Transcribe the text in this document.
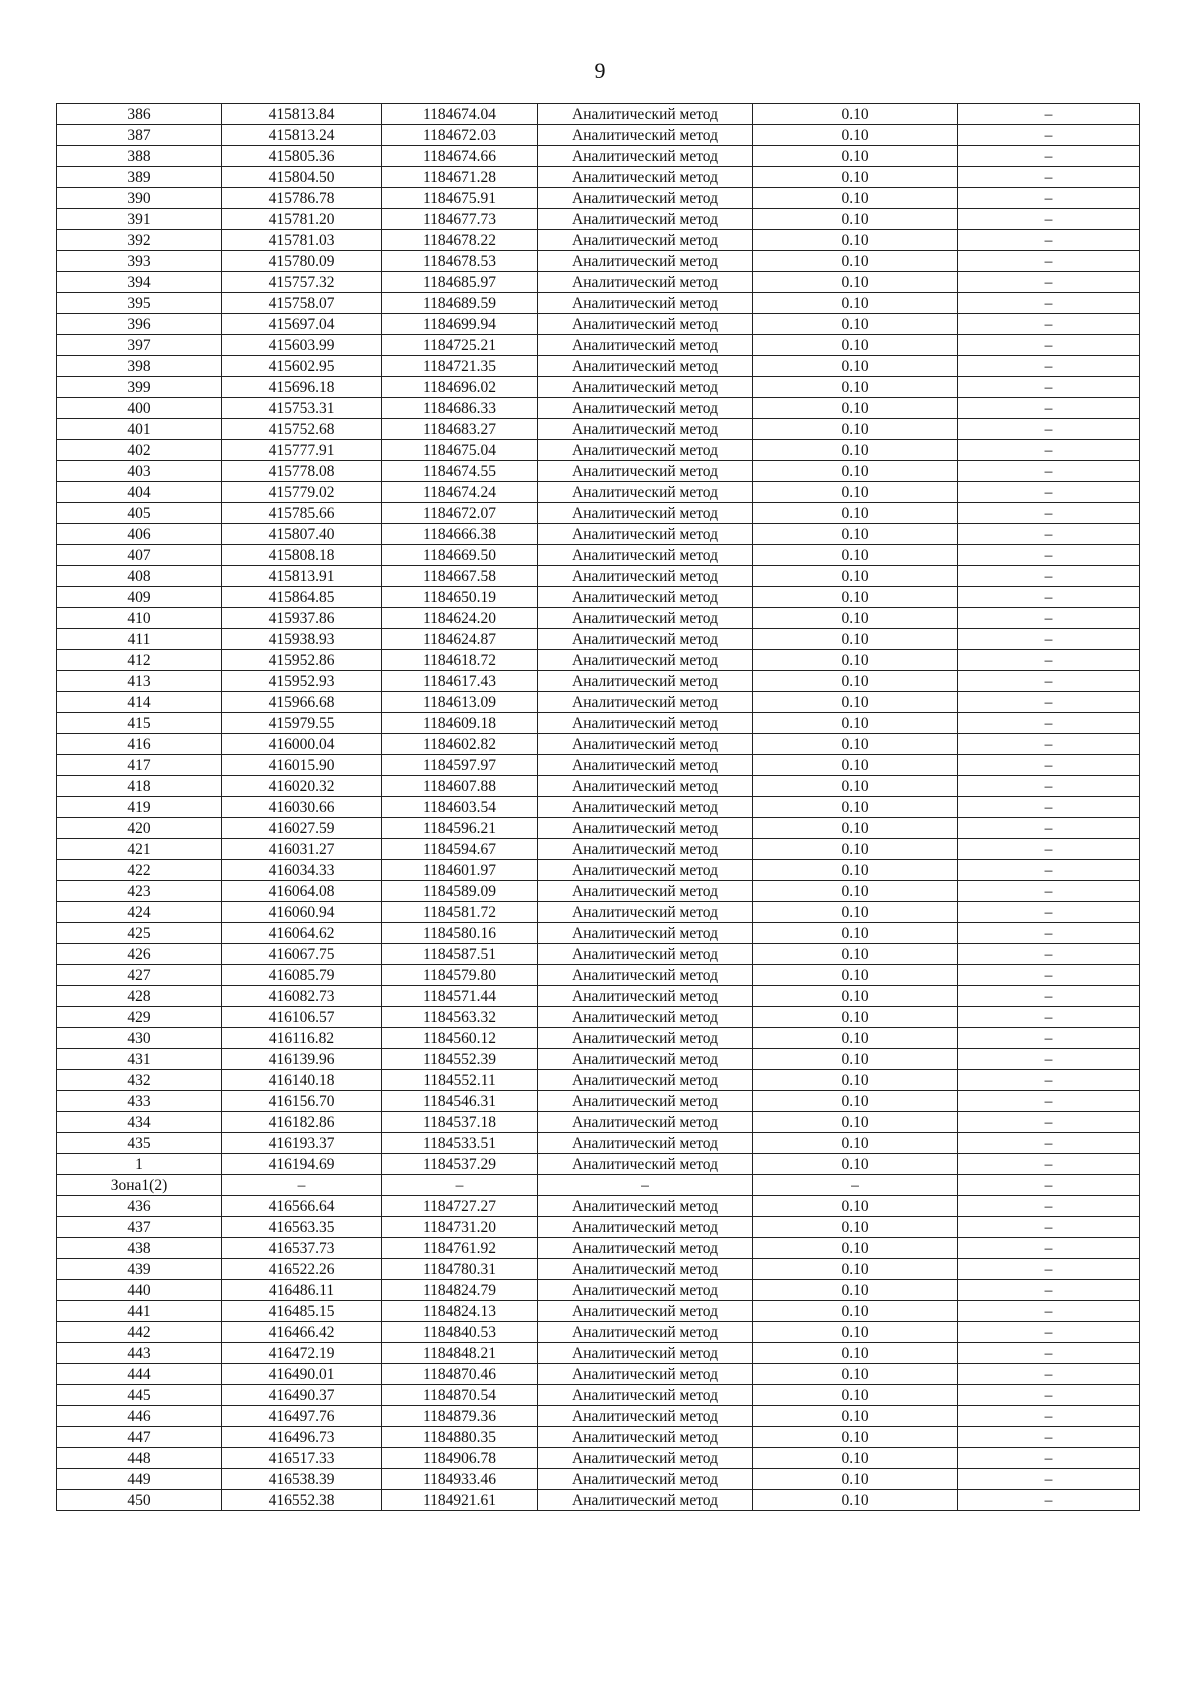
9
386	415813.84	1184674.04	Аналитический метод	0.10	–
387	415813.24	1184672.03	Аналитический метод	0.10	–
388	415805.36	1184674.66	Аналитический метод	0.10	–
389	415804.50	1184671.28	Аналитический метод	0.10	–
390	415786.78	1184675.91	Аналитический метод	0.10	–
391	415781.20	1184677.73	Аналитический метод	0.10	–
392	415781.03	1184678.22	Аналитический метод	0.10	–
393	415780.09	1184678.53	Аналитический метод	0.10	–
394	415757.32	1184685.97	Аналитический метод	0.10	–
395	415758.07	1184689.59	Аналитический метод	0.10	–
396	415697.04	1184699.94	Аналитический метод	0.10	–
397	415603.99	1184725.21	Аналитический метод	0.10	–
398	415602.95	1184721.35	Аналитический метод	0.10	–
399	415696.18	1184696.02	Аналитический метод	0.10	–
400	415753.31	1184686.33	Аналитический метод	0.10	–
401	415752.68	1184683.27	Аналитический метод	0.10	–
402	415777.91	1184675.04	Аналитический метод	0.10	–
403	415778.08	1184674.55	Аналитический метод	0.10	–
404	415779.02	1184674.24	Аналитический метод	0.10	–
405	415785.66	1184672.07	Аналитический метод	0.10	–
406	415807.40	1184666.38	Аналитический метод	0.10	–
407	415808.18	1184669.50	Аналитический метод	0.10	–
408	415813.91	1184667.58	Аналитический метод	0.10	–
409	415864.85	1184650.19	Аналитический метод	0.10	–
410	415937.86	1184624.20	Аналитический метод	0.10	–
411	415938.93	1184624.87	Аналитический метод	0.10	–
412	415952.86	1184618.72	Аналитический метод	0.10	–
413	415952.93	1184617.43	Аналитический метод	0.10	–
414	415966.68	1184613.09	Аналитический метод	0.10	–
415	415979.55	1184609.18	Аналитический метод	0.10	–
416	416000.04	1184602.82	Аналитический метод	0.10	–
417	416015.90	1184597.97	Аналитический метод	0.10	–
418	416020.32	1184607.88	Аналитический метод	0.10	–
419	416030.66	1184603.54	Аналитический метод	0.10	–
420	416027.59	1184596.21	Аналитический метод	0.10	–
421	416031.27	1184594.67	Аналитический метод	0.10	–
422	416034.33	1184601.97	Аналитический метод	0.10	–
423	416064.08	1184589.09	Аналитический метод	0.10	–
424	416060.94	1184581.72	Аналитический метод	0.10	–
425	416064.62	1184580.16	Аналитический метод	0.10	–
426	416067.75	1184587.51	Аналитический метод	0.10	–
427	416085.79	1184579.80	Аналитический метод	0.10	–
428	416082.73	1184571.44	Аналитический метод	0.10	–
429	416106.57	1184563.32	Аналитический метод	0.10	–
430	416116.82	1184560.12	Аналитический метод	0.10	–
431	416139.96	1184552.39	Аналитический метод	0.10	–
432	416140.18	1184552.11	Аналитический метод	0.10	–
433	416156.70	1184546.31	Аналитический метод	0.10	–
434	416182.86	1184537.18	Аналитический метод	0.10	–
435	416193.37	1184533.51	Аналитический метод	0.10	–
1	416194.69	1184537.29	Аналитический метод	0.10	–
Зона1(2)	–	–	–	–	–
436	416566.64	1184727.27	Аналитический метод	0.10	–
437	416563.35	1184731.20	Аналитический метод	0.10	–
438	416537.73	1184761.92	Аналитический метод	0.10	–
439	416522.26	1184780.31	Аналитический метод	0.10	–
440	416486.11	1184824.79	Аналитический метод	0.10	–
441	416485.15	1184824.13	Аналитический метод	0.10	–
442	416466.42	1184840.53	Аналитический метод	0.10	–
443	416472.19	1184848.21	Аналитический метод	0.10	–
444	416490.01	1184870.46	Аналитический метод	0.10	–
445	416490.37	1184870.54	Аналитический метод	0.10	–
446	416497.76	1184879.36	Аналитический метод	0.10	–
447	416496.73	1184880.35	Аналитический метод	0.10	–
448	416517.33	1184906.78	Аналитический метод	0.10	–
449	416538.39	1184933.46	Аналитический метод	0.10	–
450	416552.38	1184921.61	Аналитический метод	0.10	–
